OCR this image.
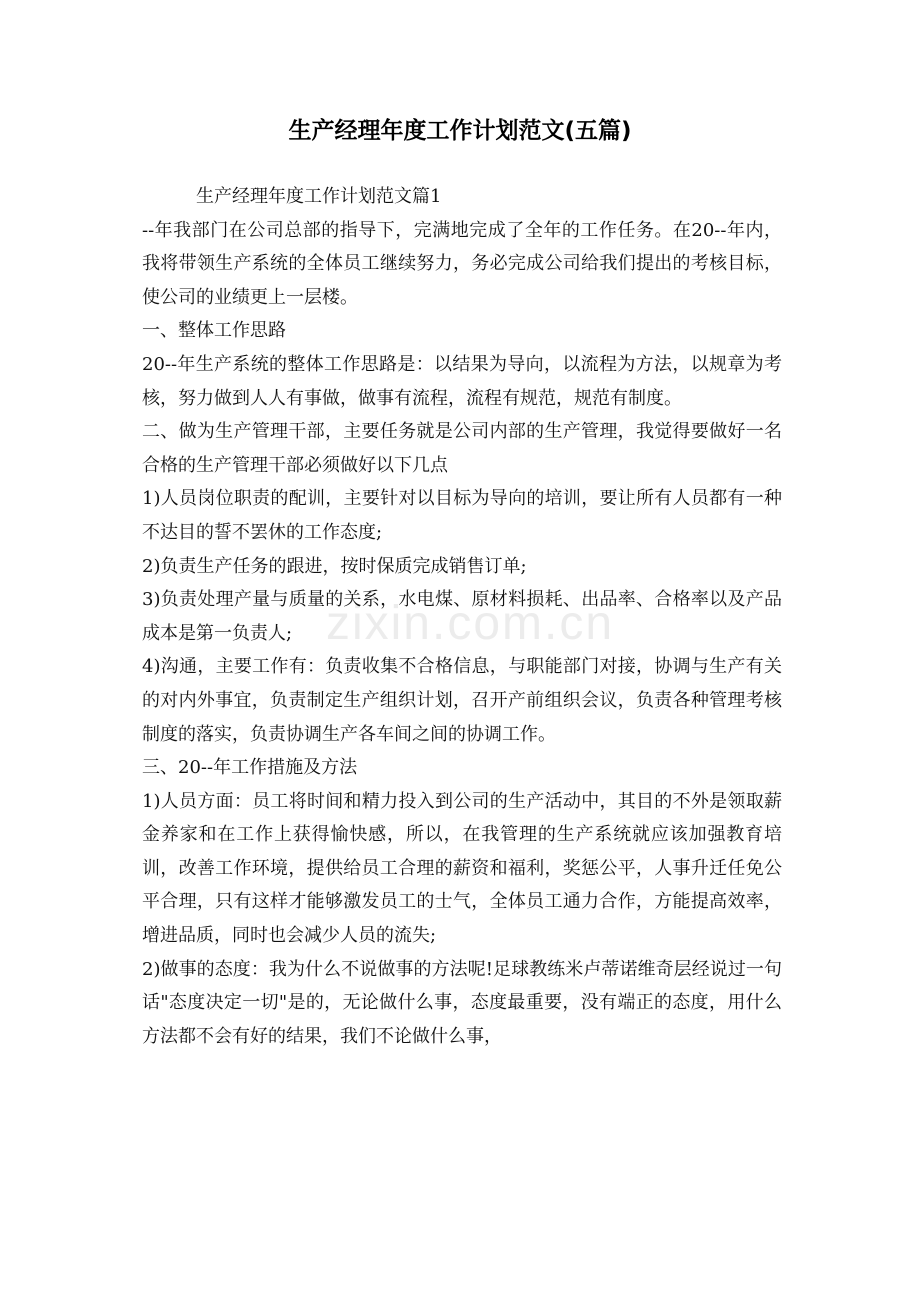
生产经理年度工作计划范文(五篇)
zixin.com.cn

生产经理年度工作计划范文篇1

--年我部门在公司总部的指导下，完满地完成了全年的工作任务。在20--年内，我将带领生产系统的全体员工继续努力，务必完成公司给我们提出的考核目标，使公司的业绩更上一层楼。

一、整体工作思路

20--年生产系统的整体工作思路是：以结果为导向，以流程为方法，以规章为考核，努力做到人人有事做，做事有流程，流程有规范，规范有制度。

二、做为生产管理干部，主要任务就是公司内部的生产管理，我觉得要做好一名合格的生产管理干部必须做好以下几点

1)人员岗位职责的配训，主要针对以目标为导向的培训，要让所有人员都有一种不达目的誓不罢休的工作态度;

2)负责生产任务的跟进，按时保质完成销售订单;

3)负责处理产量与质量的关系，水电煤、原材料损耗、出品率、合格率以及产品成本是第一负责人;

4)沟通，主要工作有：负责收集不合格信息，与职能部门对接，协调与生产有关的对内外事宜，负责制定生产组织计划，召开产前组织会议，负责各种管理考核制度的落实，负责协调生产各车间之间的协调工作。

三、20--年工作措施及方法

1)人员方面：员工将时间和精力投入到公司的生产活动中，其目的不外是领取薪金养家和在工作上获得愉快感，所以，在我管理的生产系统就应该加强教育培训，改善工作环境，提供给员工合理的薪资和福利，奖惩公平，人事升迁任免公平合理，只有这样才能够激发员工的士气，全体员工通力合作，方能提高效率，增进品质，同时也会减少人员的流失;

2)做事的态度：我为什么不说做事的方法呢!足球教练米卢蒂诺维奇层经说过一句话"态度决定一切"是的，无论做什么事，态度最重要，没有端正的态度，用什么方法都不会有好的结果，我们不论做什么事，
